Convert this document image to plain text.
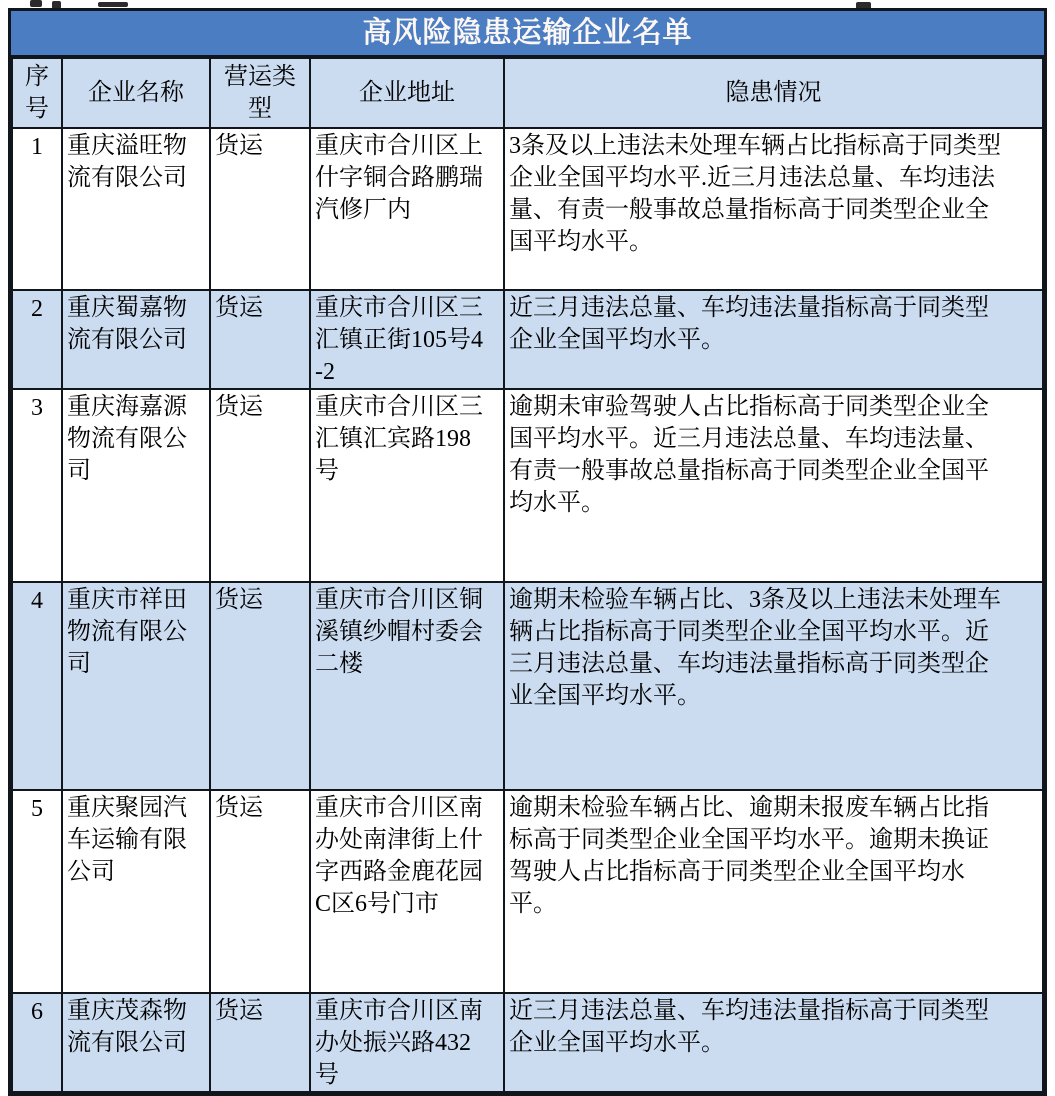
高风险隐患运输企业名单
序号	企业名称	营运类型	企业地址	隐患情况
1	重庆溢旺物流有限公司	货运	重庆市合川区上什字铜合路鹏瑞汽修厂内	3条及以上违法未处理车辆占比指标高于同类型企业全国平均水平.近三月违法总量、车均违法量、有责一般事故总量指标高于同类型企业全国平均水平。
2	重庆蜀嘉物流有限公司	货运	重庆市合川区三汇镇正街105号4-2	近三月违法总量、车均违法量指标高于同类型企业全国平均水平。
3	重庆海嘉源物流有限公司	货运	重庆市合川区三汇镇汇宾路198号	逾期未审验驾驶人占比指标高于同类型企业全国平均水平。近三月违法总量、车均违法量、有责一般事故总量指标高于同类型企业全国平均水平。
4	重庆市祥田物流有限公司	货运	重庆市合川区铜溪镇纱帽村委会二楼	逾期未检验车辆占比、3条及以上违法未处理车辆占比指标高于同类型企业全国平均水平。近三月违法总量、车均违法量指标高于同类型企业全国平均水平。
5	重庆聚园汽车运输有限公司	货运	重庆市合川区南办处南津街上什字西路金鹿花园C区6号门市	逾期未检验车辆占比、逾期未报废车辆占比指标高于同类型企业全国平均水平。逾期未换证驾驶人占比指标高于同类型企业全国平均水平。
6	重庆茂森物流有限公司	货运	重庆市合川区南办处振兴路432号	近三月违法总量、车均违法量指标高于同类型企业全国平均水平。
